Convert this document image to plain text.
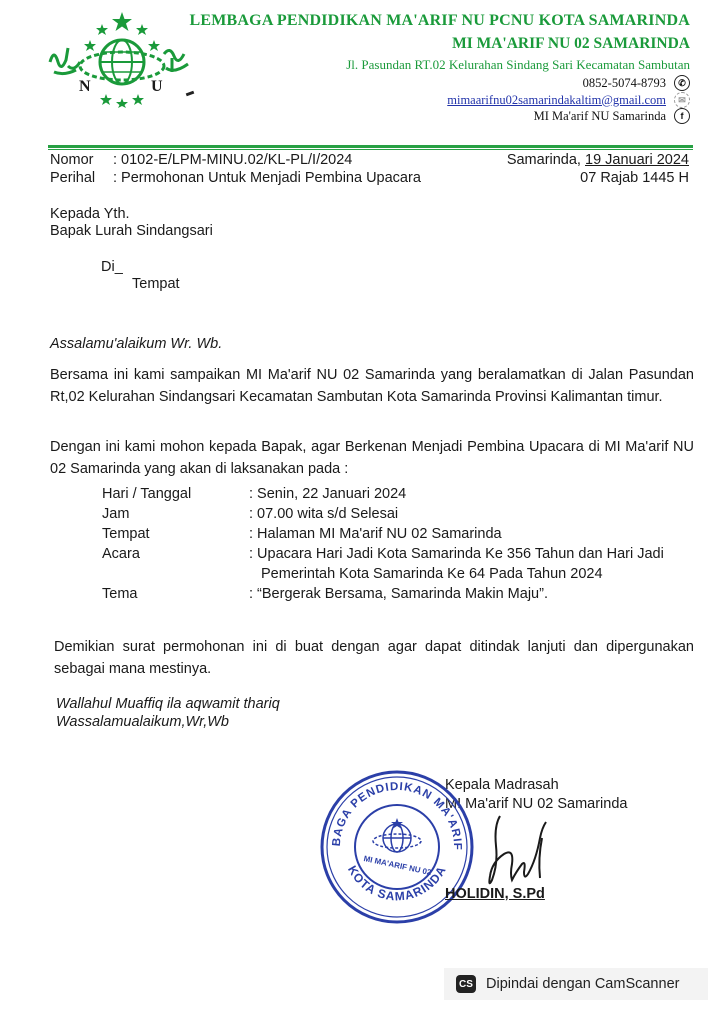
N	U
LEMBAGA PENDIDIKAN MA'ARIF NU PCNU KOTA SAMARINDA
MI MA'ARIF NU 02 SAMARINDA
Jl. Pasundan RT.02 Kelurahan Sindang Sari Kecamatan Sambutan
0852-5074-8793	✆
mimaarifnu02samarindakaltim@gmail.com	✉
MI Ma'arif NU Samarinda	f
Nomor : 0102-E/LPM-MINU.02/KL-PL/I/2024
Perihal : Permohonan Untuk Menjadi Pembina Upacara
Samarinda, 19 Januari 2024
07 Rajab 1445 H
Kepada Yth.
Bapak Lurah Sindangsari
Di_
Tempat
Assalamu'alaikum Wr. Wb.
Bersama ini kami sampaikan MI Ma'arif NU 02 Samarinda yang beralamatkan di Jalan Pasundan Rt,02 Kelurahan Sindangsari Kecamatan Sambutan Kota Samarinda Provinsi Kalimantan timur.
Dengan ini kami mohon kepada Bapak, agar Berkenan Menjadi Pembina Upacara di MI Ma'arif NU 02 Samarinda yang akan di laksanakan pada :
Hari / Tanggal	: Senin, 22 Januari 2024
Jam	: 07.00 wita s/d Selesai
Tempat	: Halaman MI Ma'arif NU 02 Samarinda
Acara	: Upacara Hari Jadi Kota Samarinda Ke 356 Tahun dan Hari Jadi
Pemerintah Kota Samarinda Ke 64 Pada Tahun 2024
Tema	: “Bergerak Bersama, Samarinda Makin Maju”.
Demikian surat permohonan ini di buat dengan agar dapat ditindak lanjuti dan dipergunakan sebagai mana mestinya.
Wallahul Muaffiq ila aqwamit thariq
Wassalamualaikum,Wr,Wb
Kepala Madrasah
MI Ma'arif NU 02 Samarinda
BAGA PENDIDIKAN MA'ARIF
KOTA SAMARINDA
MI MA'ARIF NU 02
HOLIDIN, S.Pd
CS Dipindai dengan CamScanner
